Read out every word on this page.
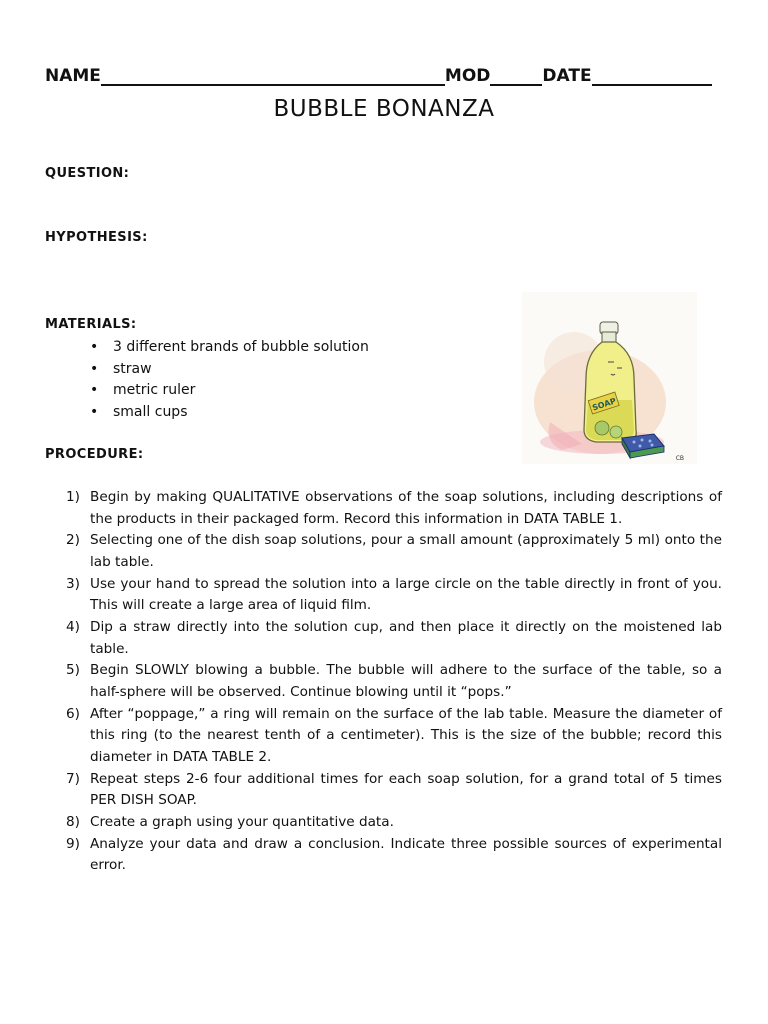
NAME	MOD	DATE
BUBBLE BONANZA
QUESTION:
HYPOTHESIS:
MATERIALS:
• 3 different brands of bubble solution
• straw
• metric ruler
• small cups
PROCEDURE:
1) Begin by making QUALITATIVE observations of the soap solutions, including descriptions of the products in their packaged form. Record this information in DATA TABLE 1.
2) Selecting one of the dish soap solutions, pour a small amount (approximately 5 ml) onto the lab table.
3) Use your hand to spread the solution into a large circle on the table directly in front of you. This will create a large area of liquid film.
4) Dip a straw directly into the solution cup, and then place it directly on the moistened lab table.
5) Begin SLOWLY blowing a bubble. The bubble will adhere to the surface of the table, so a half-sphere will be observed. Continue blowing until it “pops.”
6) After “poppage,” a ring will remain on the surface of the lab table. Measure the diameter of this ring (to the nearest tenth of a centimeter). This is the size of the bubble; record this diameter in DATA TABLE 2.
7) Repeat steps 2-6 four additional times for each soap solution, for a grand total of 5 times PER DISH SOAP.
8) Create a graph using your quantitative data.
9) Analyze your data and draw a conclusion. Indicate three possible sources of experimental error.
SOAP
CB
